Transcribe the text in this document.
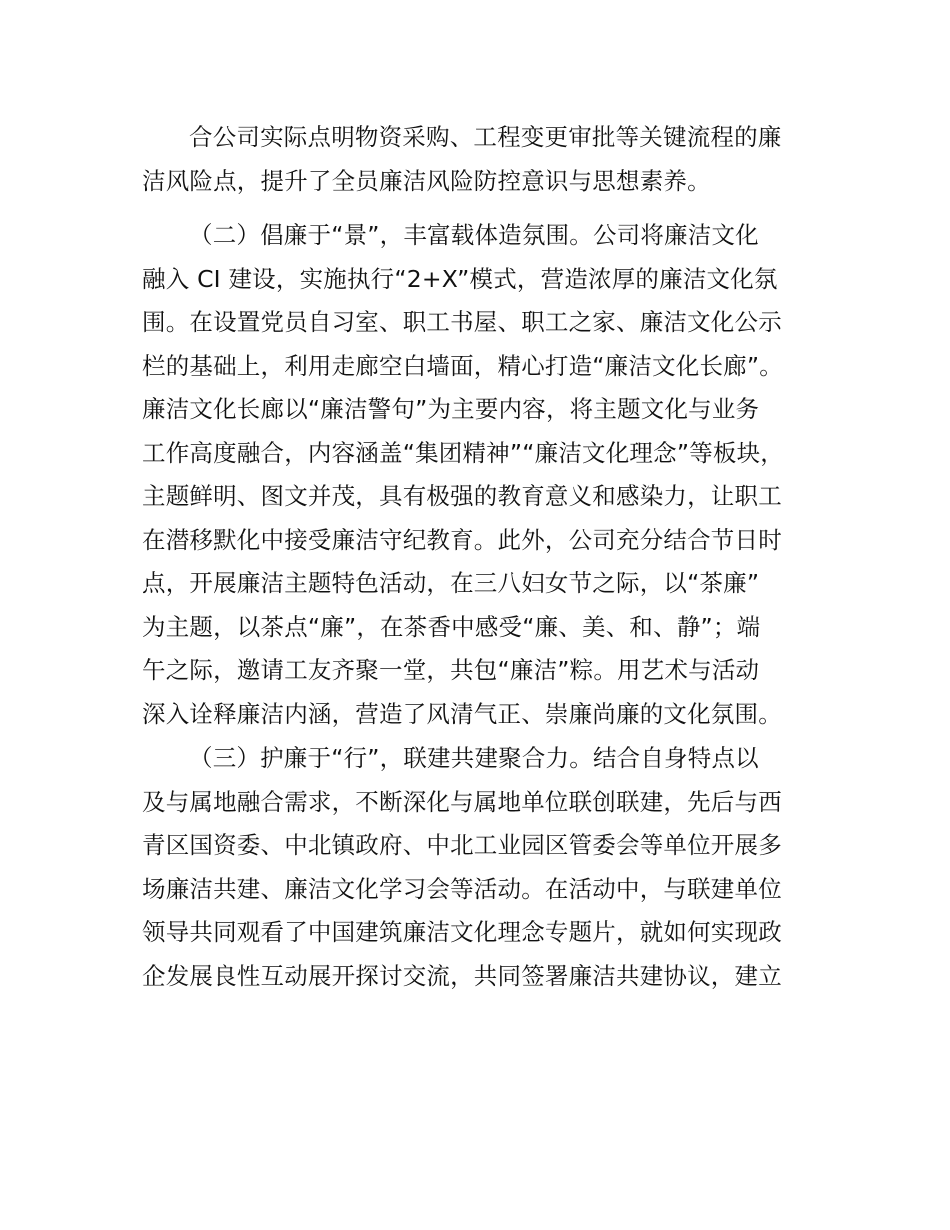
合公司实际点明物资采购、工程变更审批等关键流程的廉
洁风险点，提升了全员廉洁风险防控意识与思想素养。
（二）倡廉于“景”，丰富载体造氛围。公司将廉洁文化
融入 CI 建设，实施执行“2+X”模式，营造浓厚的廉洁文化氛
围。在设置党员自习室、职工书屋、职工之家、廉洁文化公示
栏的基础上，利用走廊空白墙面，精心打造“廉洁文化长廊”。
廉洁文化长廊以“廉洁警句”为主要内容，将主题文化与业务
工作高度融合，内容涵盖“集团精神”“廉洁文化理念”等板块，
主题鲜明、图文并茂，具有极强的教育意义和感染力，让职工
在潜移默化中接受廉洁守纪教育。此外，公司充分结合节日时
点，开展廉洁主题特色活动，在三八妇女节之际，以“茶廉”
为主题，以茶点“廉”，在茶香中感受“廉、美、和、静”；端
午之际，邀请工友齐聚一堂，共包“廉洁”粽。用艺术与活动
深入诠释廉洁内涵，营造了风清气正、崇廉尚廉的文化氛围。
（三）护廉于“行”，联建共建聚合力。结合自身特点以
及与属地融合需求，不断深化与属地单位联创联建，先后与西
青区国资委、中北镇政府、中北工业园区管委会等单位开展多
场廉洁共建、廉洁文化学习会等活动。在活动中，与联建单位
领导共同观看了中国建筑廉洁文化理念专题片，就如何实现政
企发展良性互动展开探讨交流，共同签署廉洁共建协议，建立
